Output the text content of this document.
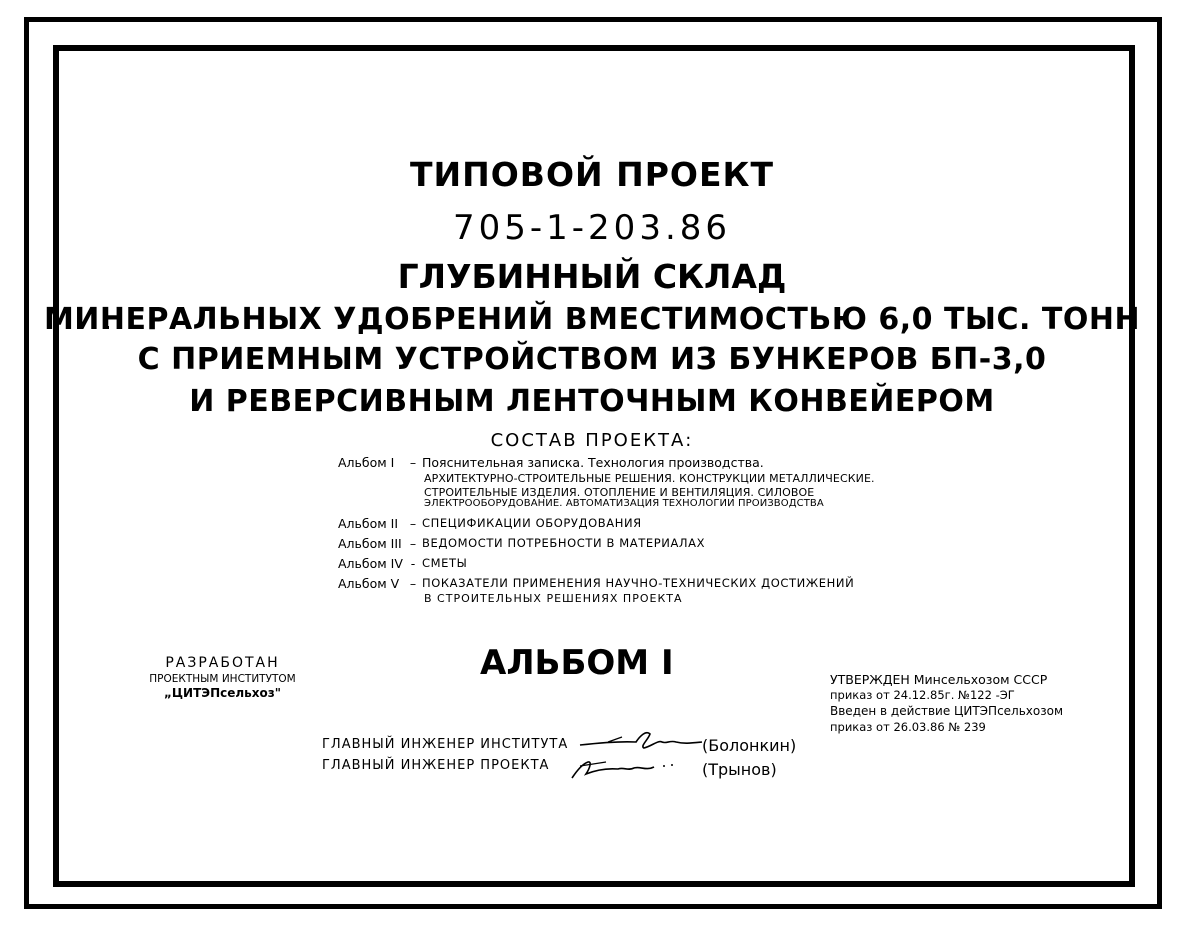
ТИПОВОЙ ПРОЕКТ
705-1-203.86
ГЛУБИННЫЙ СКЛАД
МИНЕРАЛЬНЫХ УДОБРЕНИЙ ВМЕСТИМОСТЬЮ 6,0 ТЫС. ТОНН
С ПРИЕМНЫМ УСТРОЙСТВОМ ИЗ БУНКЕРОВ БП-3,0
И РЕВЕРСИВНЫМ ЛЕНТОЧНЫМ КОНВЕЙЕРОМ
СОСТАВ ПРОЕКТА:
Альбом I	– Пояснительная записка. Технология производства.
АРХИТЕКТУРНО-СТРОИТЕЛЬНЫЕ РЕШЕНИЯ. КОНСТРУКЦИИ МЕТАЛЛИЧЕСКИЕ.
СТРОИТЕЛЬНЫЕ ИЗДЕЛИЯ. ОТОПЛЕНИЕ И ВЕНТИЛЯЦИЯ. СИЛОВОЕ
ЭЛЕКТРООБОРУДОВАНИЕ. АВТОМАТИЗАЦИЯ ТЕХНОЛОГИИ ПРОИЗВОДСТВА
Альбом II – СПЕЦИФИКАЦИИ ОБОРУДОВАНИЯ
Альбом III – ВЕДОМОСТИ ПОТРЕБНОСТИ В МАТЕРИАЛАХ
Альбом IV - СМЕТЫ
Альбом V – ПОКАЗАТЕЛИ ПРИМЕНЕНИЯ НАУЧНО-ТЕХНИЧЕСКИХ ДОСТИЖЕНИЙ
В СТРОИТЕЛЬНЫХ РЕШЕНИЯХ ПРОЕКТА
РАЗРАБОТАН
ПРОЕКТНЫМ ИНСТИТУТОМ
„ЦИТЭПсельхоз"
АЛЬБОМ I	УТВЕРЖДЕН Минсельхозом СССР
приказ от 24.12.85г. №122 -ЭГ
Введен в действие ЦИТЭПсельхозом
приказ от 26.03.86 № 239
ГЛАВНЫЙ ИНЖЕНЕР ИНСТИТУТА	(Болонкин)
ГЛАВНЫЙ ИНЖЕНЕР ПРОЕКТА	(Трынов)
